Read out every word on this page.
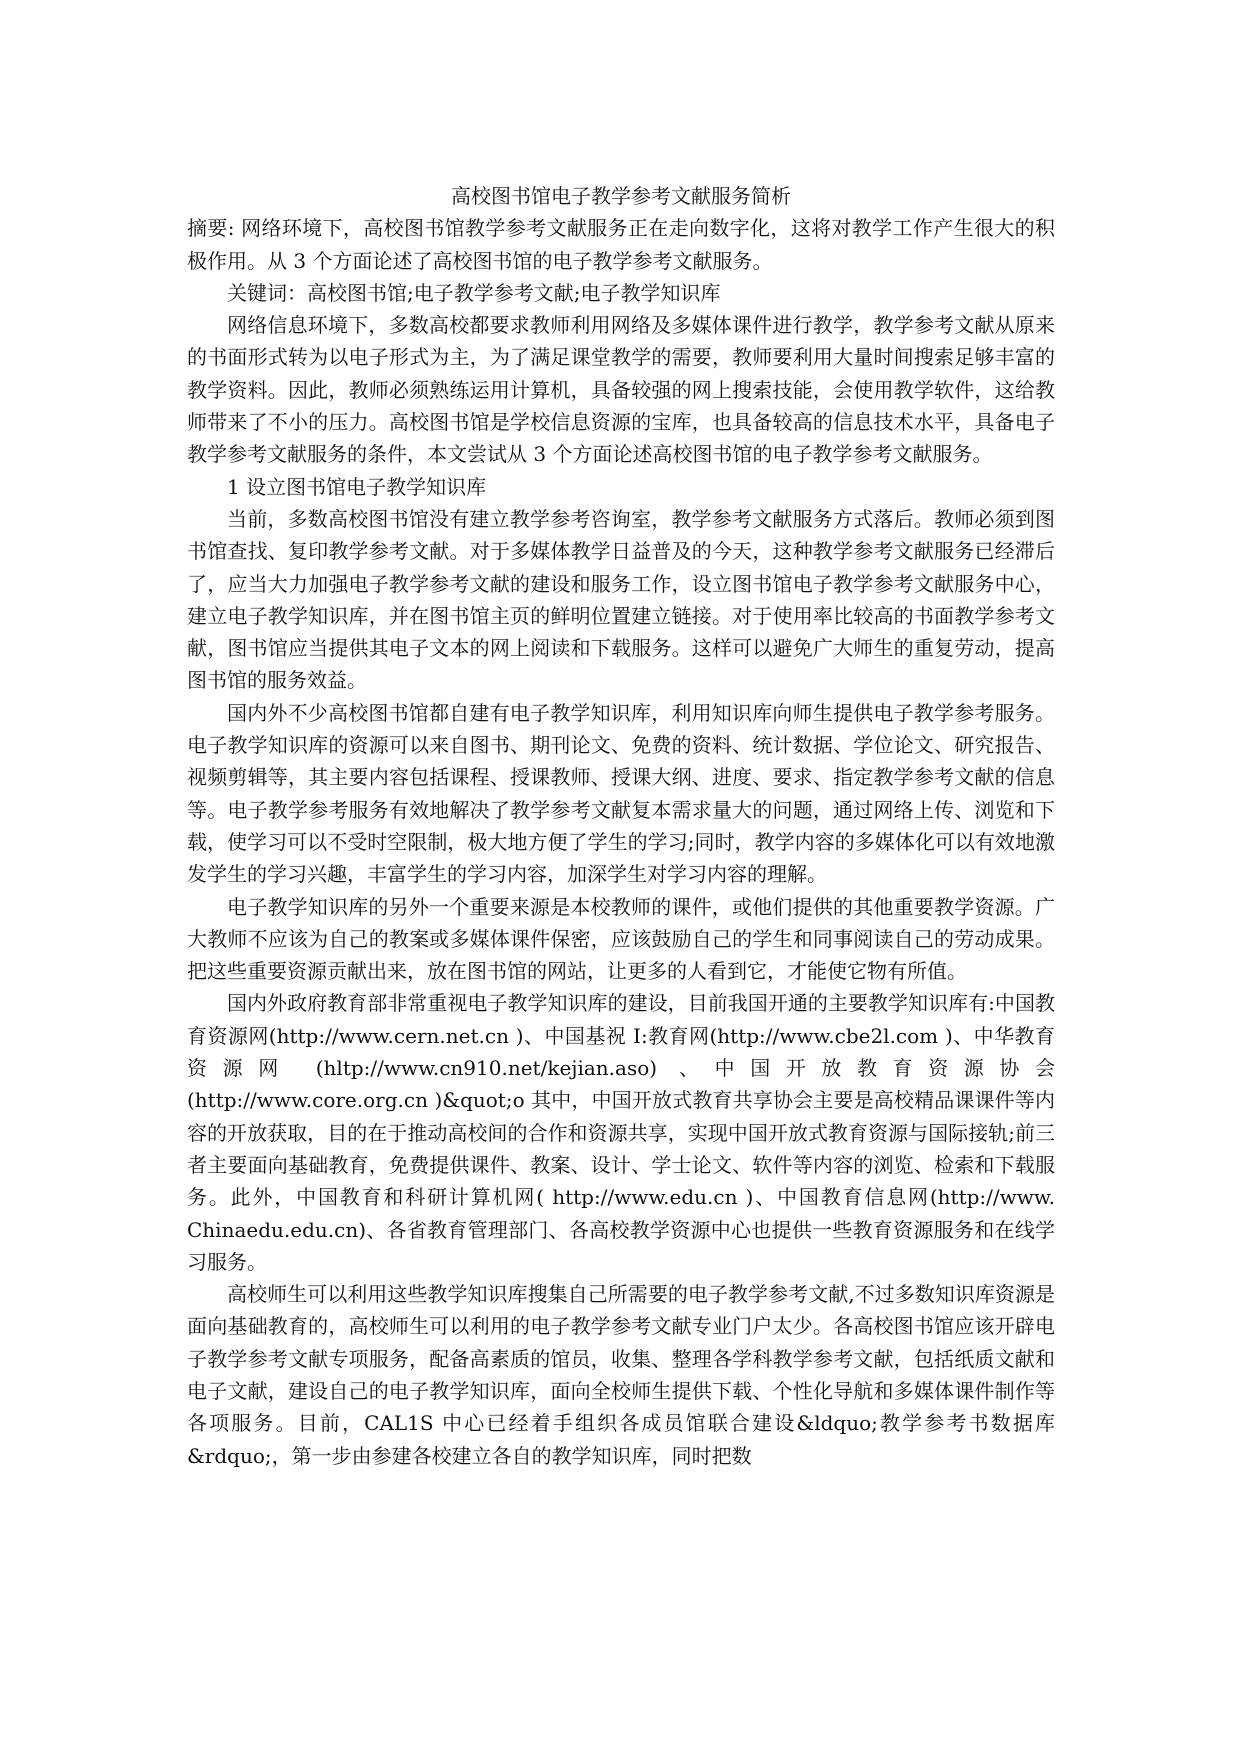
高校图书馆电子教学参考文献服务简析

摘要: 网络环境下，高校图书馆教学参考文献服务正在走向数字化，这将对教学工作产生很大的积极作用。从 3 个方面论述了高校图书馆的电子教学参考文献服务。

关键词：高校图书馆;电子教学参考文献;电子教学知识库

网络信息环境下，多数高校都要求教师利用网络及多媒体课件进行教学，教学参考文献从原来的书面形式转为以电子形式为主，为了满足课堂教学的需要，教师要利用大量时间搜索足够丰富的教学资料。因此，教师必须熟练运用计算机，具备较强的网上搜索技能，会使用教学软件，这给教师带来了不小的压力。高校图书馆是学校信息资源的宝库，也具备较高的信息技术水平，具备电子教学参考文献服务的条件，本文尝试从 3 个方面论述高校图书馆的电子教学参考文献服务。

1 设立图书馆电子教学知识库

当前，多数高校图书馆没有建立教学参考咨询室，教学参考文献服务方式落后。教师必须到图书馆查找、复印教学参考文献。对于多媒体教学日益普及的今天，这种教学参考文献服务已经滞后了，应当大力加强电子教学参考文献的建设和服务工作，设立图书馆电子教学参考文献服务中心，建立电子教学知识库，并在图书馆主页的鲜明位置建立链接。对于使用率比较高的书面教学参考文献，图书馆应当提供其电子文本的网上阅读和下载服务。这样可以避免广大师生的重复劳动，提高图书馆的服务效益。

国内外不少高校图书馆都自建有电子教学知识库，利用知识库向师生提供电子教学参考服务。电子教学知识库的资源可以来自图书、期刊论文、免费的资料、统计数据、学位论文、研究报告、视频剪辑等，其主要内容包括课程、授课教师、授课大纲、进度、要求、指定教学参考文献的信息等。电子教学参考服务有效地解决了教学参考文献复本需求量大的问题，通过网络上传、浏览和下载，使学习可以不受时空限制，极大地方便了学生的学习;同时，教学内容的多媒体化可以有效地激发学生的学习兴趣，丰富学生的学习内容，加深学生对学习内容的理解。

电子教学知识库的另外一个重要来源是本校教师的课件，或他们提供的其他重要教学资源。广大教师不应该为自己的教案或多媒体课件保密，应该鼓励自己的学生和同事阅读自己的劳动成果。把这些重要资源贡献出来，放在图书馆的网站，让更多的人看到它，才能使它物有所值。

国内外政府教育部非常重视电子教学知识库的建设，目前我国开通的主要教学知识库有:中国教育资源网(http://www.cern.net.cn )、中国基祝 I:教育网(http://www.cbe2l.com )、中华教育资源网 (hltp://www.cn910.net/kejian.aso) 、中国开放教育资源协会(http://www.core.org.cn )&quot;o 其中，中国开放式教育共享协会主要是高校精品课课件等内容的开放获取，目的在于推动高校间的合作和资源共享，实现中国开放式教育资源与国际接轨;前三者主要面向基础教育，免费提供课件、教案、设计、学士论文、软件等内容的浏览、检索和下载服务。此外，中国教育和科研计算机网( http://www.edu.cn )、中国教育信息网(http://www. Chinaedu.edu.cn)、各省教育管理部门、各高校教学资源中心也提供一些教育资源服务和在线学习服务。

高校师生可以利用这些教学知识库搜集自己所需要的电子教学参考文献,不过多数知识库资源是面向基础教育的，高校师生可以利用的电子教学参考文献专业门户太少。各高校图书馆应该开辟电子教学参考文献专项服务，配备高素质的馆员，收集、整理各学科教学参考文献，包括纸质文献和电子文献，建设自己的电子教学知识库，面向全校师生提供下载、个性化导航和多媒体课件制作等各项服务。目前，CAL1S 中心已经着手组织各成员馆联合建设&ldquo;教学参考书数据库&rdquo;，第一步由参建各校建立各自的教学知识库，同时把数
